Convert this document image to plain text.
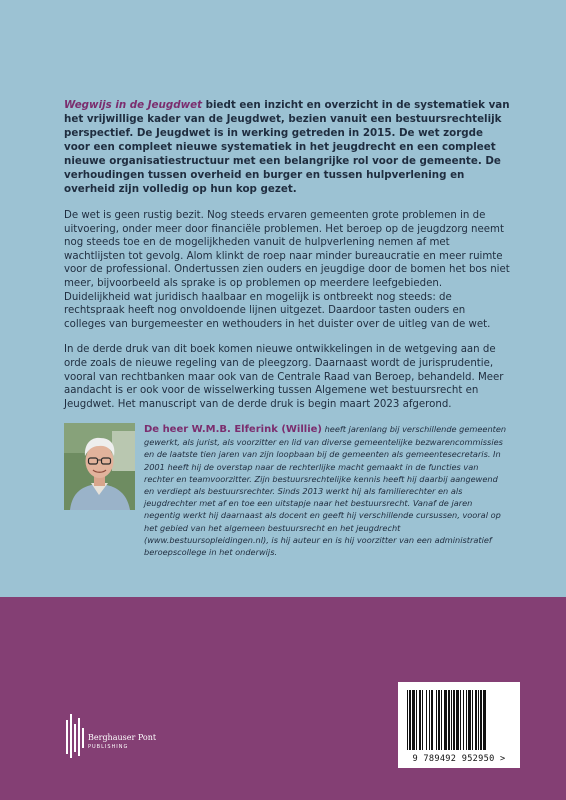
Wegwijs in de Jeugdwet biedt een inzicht en overzicht in de systematiek van het vrijwillige kader van de Jeugdwet, bezien vanuit een bestuursrechtelijk perspectief. De Jeugdwet is in werking getreden in 2015. De wet zorgde voor een compleet nieuwe systematiek in het jeugdrecht en een compleet nieuwe organisatiestructuur met een belangrijke rol voor de gemeente. De verhoudingen tussen overheid en burger en tussen hulpverlening en overheid zijn volledig op hun kop gezet.

De wet is geen rustig bezit. Nog steeds ervaren gemeenten grote problemen in de uitvoering, onder meer door financiële problemen. Het beroep op de jeugdzorg neemt nog steeds toe en de mogelijkheden vanuit de hulpverlening nemen af met wachtlijsten tot gevolg. Alom klinkt de roep naar minder bureaucratie en meer ruimte voor de professional. Ondertussen zien ouders en jeugdige door de bomen het bos niet meer, bijvoorbeeld als sprake is op problemen op meerdere leefgebieden. Duidelijkheid wat juridisch haalbaar en mogelijk is ontbreekt nog steeds: de rechtspraak heeft nog onvoldoende lijnen uitgezet. Daardoor tasten ouders en colleges van burgemeester en wethouders in het duister over de uitleg van de wet.

In de derde druk van dit boek komen nieuwe ontwikkelingen in de wetgeving aan de orde zoals de nieuwe regeling van de pleegzorg. Daarnaast wordt de jurisprudentie, vooral van rechtbanken maar ook van de Centrale Raad van Beroep, behandeld. Meer aandacht is er ook voor de wisselwerking tussen Algemene wet bestuursrecht en Jeugdwet. Het manuscript van de derde druk is begin maart 2023 afgerond.

De heer W.M.B. Elferink (Willie) heeft jarenlang bij verschillende gemeenten gewerkt, als jurist, als voorzitter en lid van diverse gemeentelijke bezwarencommissies en de laatste tien jaren van zijn loopbaan bij de gemeenten als gemeentesecretaris. In 2001 heeft hij de overstap naar de rechterlijke macht gemaakt in de functies van rechter en teamvoorzitter. Zijn bestuursrechtelijke kennis heeft hij daarbij aangewend en verdiept als bestuursrechter. Sinds 2013 werkt hij als familierechter en als jeugdrechter met af en toe een uitstapje naar het bestuursrecht. Vanaf de jaren negentig werkt hij daarnaast als docent en geeft hij verschillende cursussen, vooral op het gebied van het algemeen bestuursrecht en het jeugdrecht (www.bestuursopleidingen.nl), is hij auteur en is hij voorzitter van een administratief beroepscollege in het onderwijs.

Berghauser Pont
PUBLISHING
9 789492 952950 >
